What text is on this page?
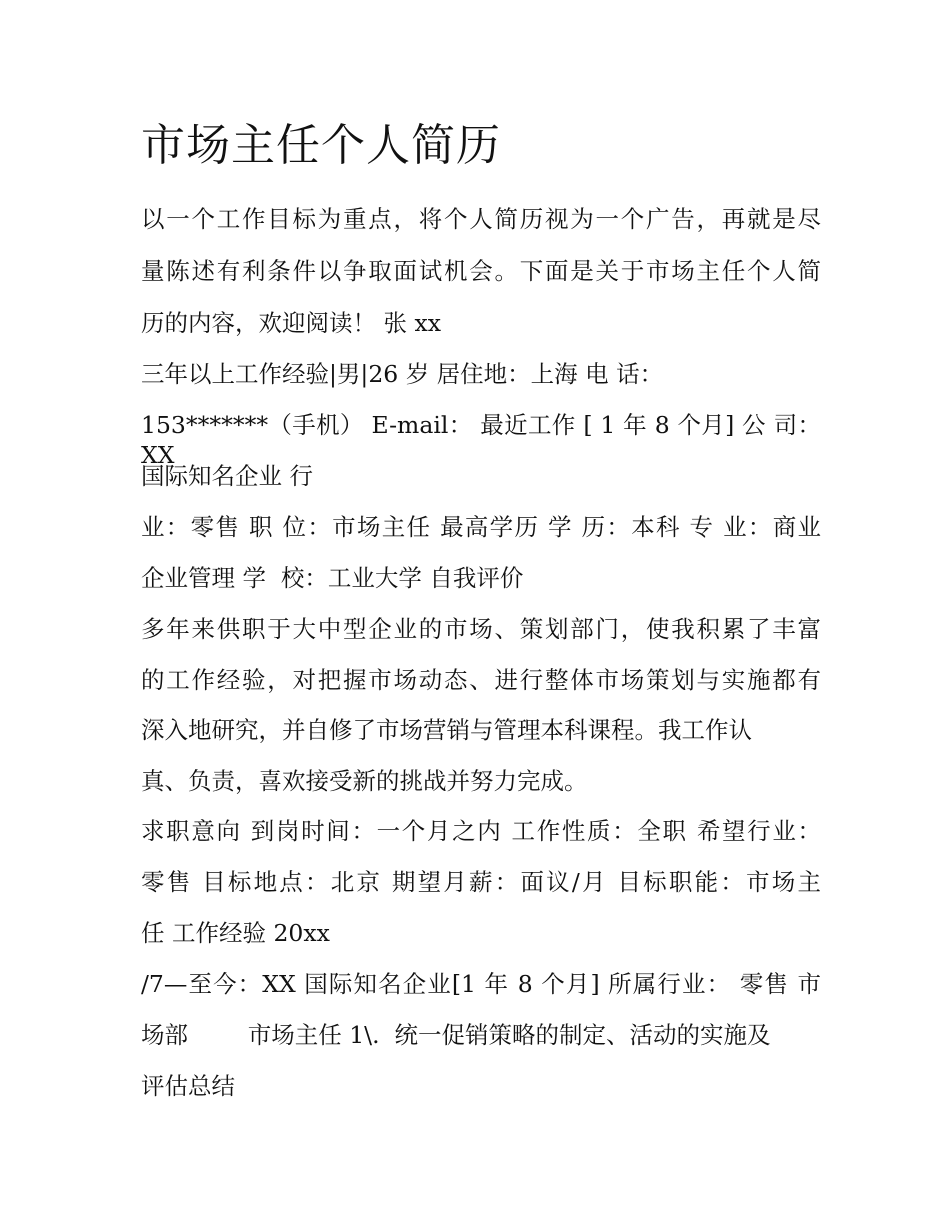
市场主任个人简历
以一个工作目标为重点，将个人简历视为一个广告，再就是尽
量陈述有利条件以争取面试机会。下面是关于市场主任个人简
历的内容，欢迎阅读！ 张 xx
三年以上工作经验|男|26 岁 居住地：上海 电 话：
153*******（手机） E-mail： 最近工作 [ 1 年 8 个月] 公 司：XX
国际知名企业 行
业：零售 职 位：市场主任 最高学历 学 历：本科 专 业：商业
企业管理 学  校：工业大学 自我评价
多年来供职于大中型企业的市场、策划部门，使我积累了丰富
的工作经验，对把握市场动态、进行整体市场策划与实施都有
深入地研究，并自修了市场营销与管理本科课程。我工作认
真、负责，喜欢接受新的挑战并努力完成。
求职意向 到岗时间：一个月之内 工作性质：全职 希望行业：
零售 目标地点：北京 期望月薪：面议/月 目标职能：市场主
任 工作经验 20xx
/7—至今：XX 国际知名企业[1 年 8 个月] 所属行业： 零售 市
场部        市场主任 1\.  统一促销策略的制定、活动的实施及
评估总结
